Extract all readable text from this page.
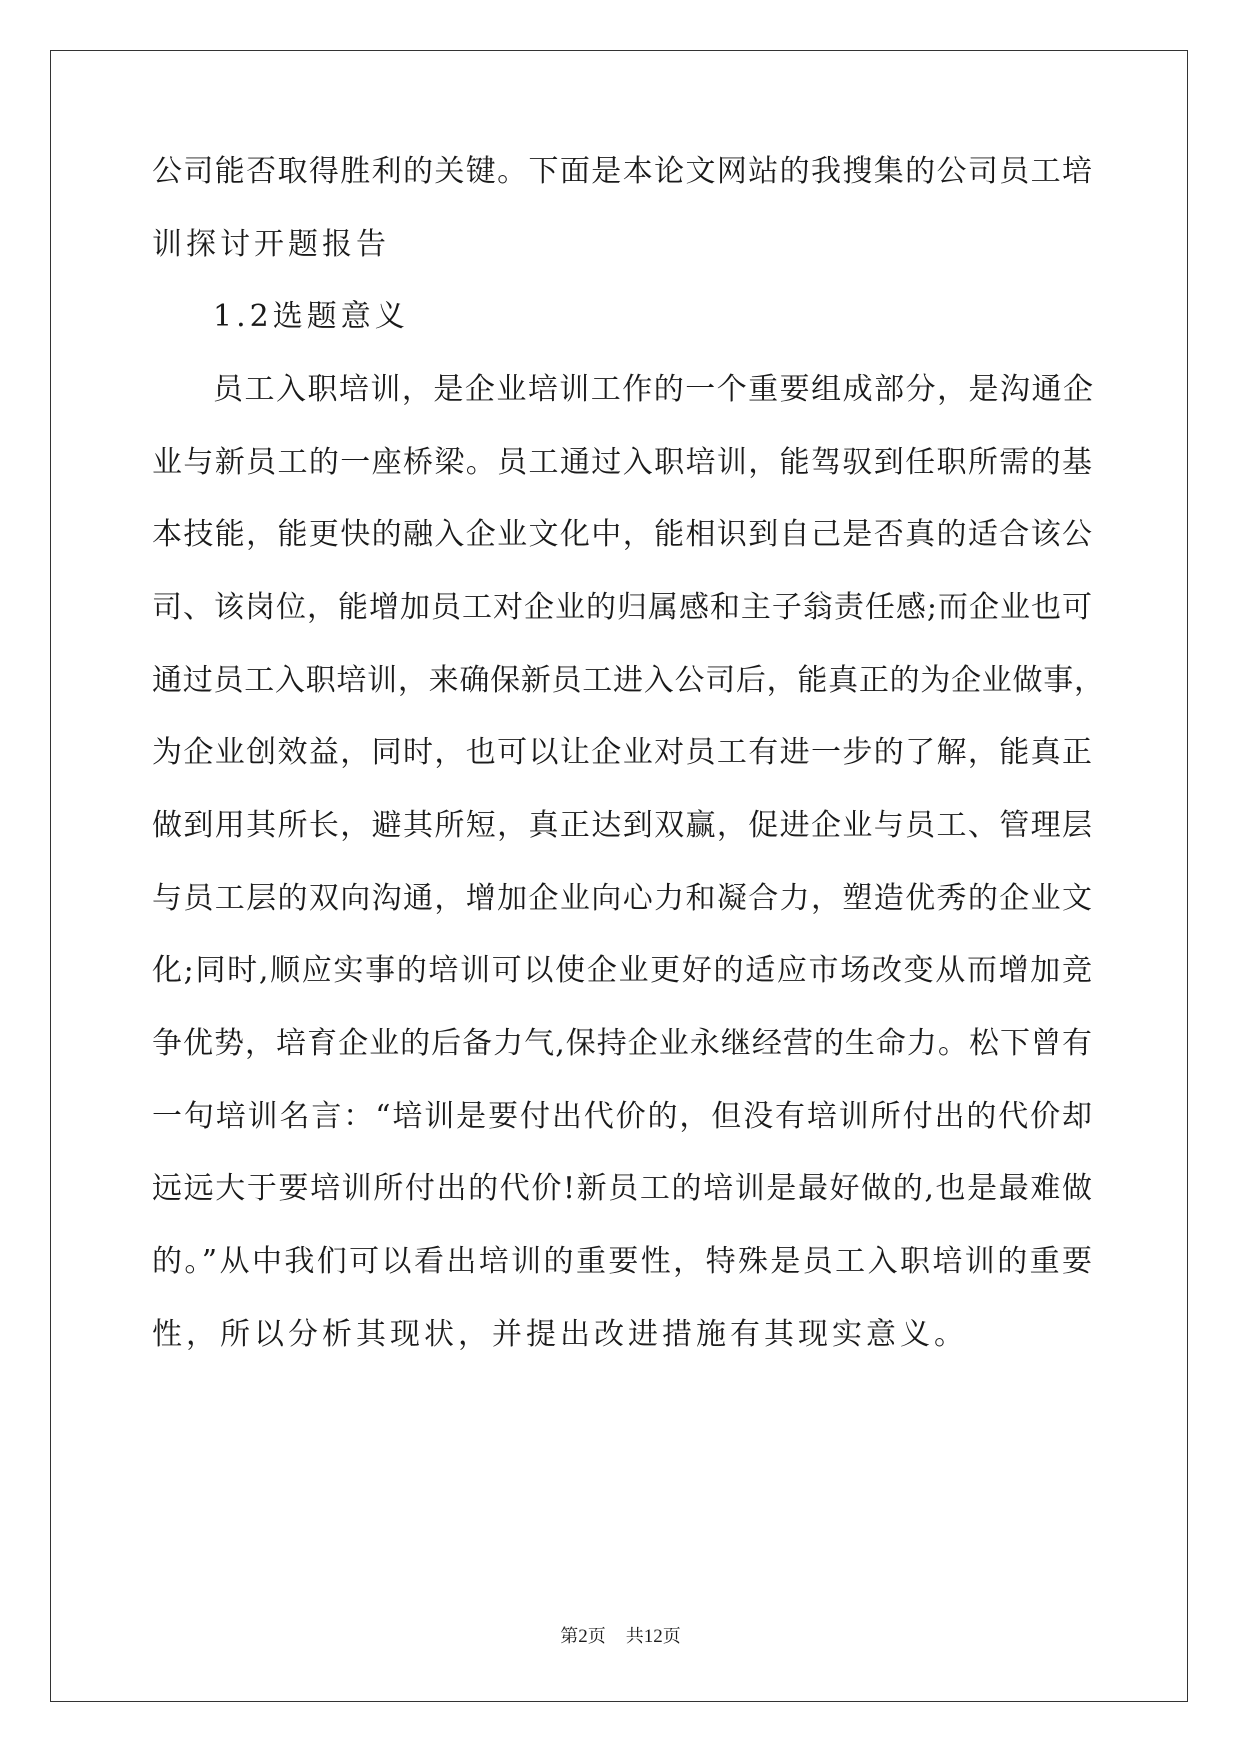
公司能否取得胜利的关键。下面是本论文网站的我搜集的公司员工培
训探讨开题报告
1.2选题意义
员工入职培训，是企业培训工作的一个重要组成部分，是沟通企
业与新员工的一座桥梁。员工通过入职培训，能驾驭到任职所需的基
本技能，能更快的融入企业文化中，能相识到自己是否真的适合该公
司、该岗位，能增加员工对企业的归属感和主子翁责任感;而企业也可
通过员工入职培训，来确保新员工进入公司后，能真正的为企业做事，
为企业创效益，同时，也可以让企业对员工有进一步的了解，能真正
做到用其所长，避其所短，真正达到双赢，促进企业与员工、管理层
与员工层的双向沟通，增加企业向心力和凝合力，塑造优秀的企业文
化;同时,顺应实事的培训可以使企业更好的适应市场改变从而增加竞
争优势，培育企业的后备力气,保持企业永继经营的生命力。松下曾有
一句培训名言：“培训是要付出代价的，但没有培训所付出的代价却
远远大于要培训所付出的代价!新员工的培训是最好做的,也是最难做
的。”从中我们可以看出培训的重要性，特殊是员工入职培训的重要
性，所以分析其现状，并提出改进措施有其现实意义。
第2页 共12页
